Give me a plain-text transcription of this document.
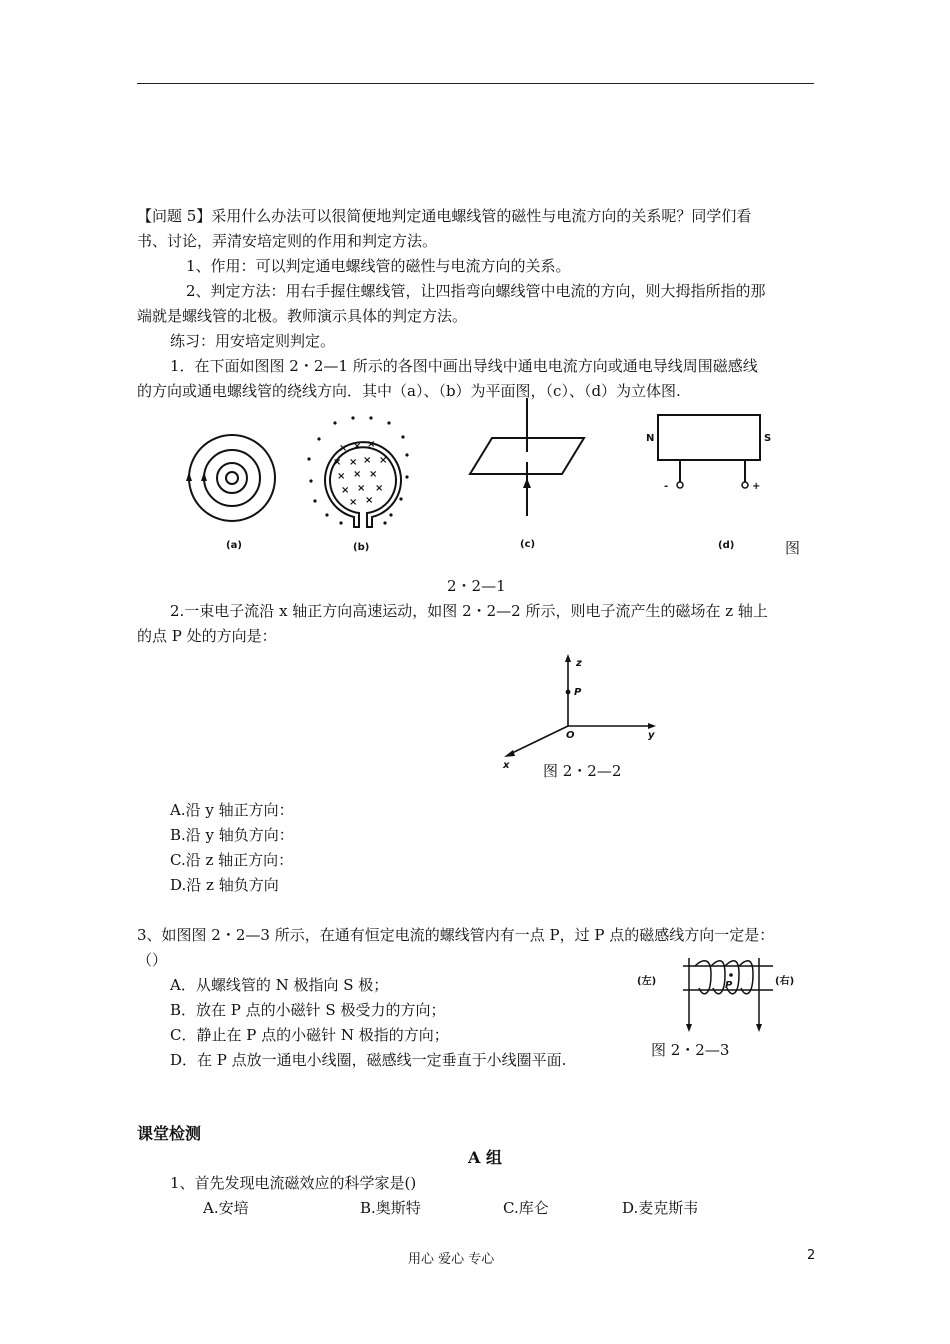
【问题 5】采用什么办法可以很简便地判定通电螺线管的磁性与电流方向的关系呢？同学们看
书、讨论，弄清安培定则的作用和判定方法。
1、作用：可以判定通电螺线管的磁性与电流方向的关系。
2、判定方法：用右手握住螺线管，让四指弯向螺线管中电流的方向，则大拇指所指的那
端就是螺线管的北极。教师演示具体的判定方法。
练习：用安培定则判定。
1．在下面如图图 2・2—1 所示的各图中画出导线中通电电流方向或通电导线周围磁感线
的方向或通电螺线管的绕线方向．其中（a）、（b）为平面图，（c）、（d）为立体图.
(a)
× × ×
× × × ×
× × ×
× × ×
× ×
(b)	(c)
N	S
-	+
(d)	图
2・2—1
2.一束电子流沿 x 轴正方向高速运动，如图 2・2—2 所示，则电子流产生的磁场在 z 轴上
的点 P 处的方向是：
z
y
x
P
O
图 2・2—2
A.沿 y 轴正方向：
B.沿 y 轴负方向：
C.沿 z 轴正方向：
D.沿 z 轴负方向
3、如图图 2・2—3 所示，在通有恒定电流的螺线管内有一点 P，过 P 点的磁感线方向一定是：
（）
A．从螺线管的 N 极指向 S 极；
B．放在 P 点的小磁针 S 极受力的方向；
C．静止在 P 点的小磁针 N 极指的方向；
D．在 P 点放一通电小线圈，磁感线一定垂直于小线圈平面.
(左)	(右)
P
图 2・2—3
课堂检测
A 组
1、首先发现电流磁效应的科学家是()
A.安培	B.奥斯特	C.库仑	D.麦克斯韦
用心 爱心 专心	2
